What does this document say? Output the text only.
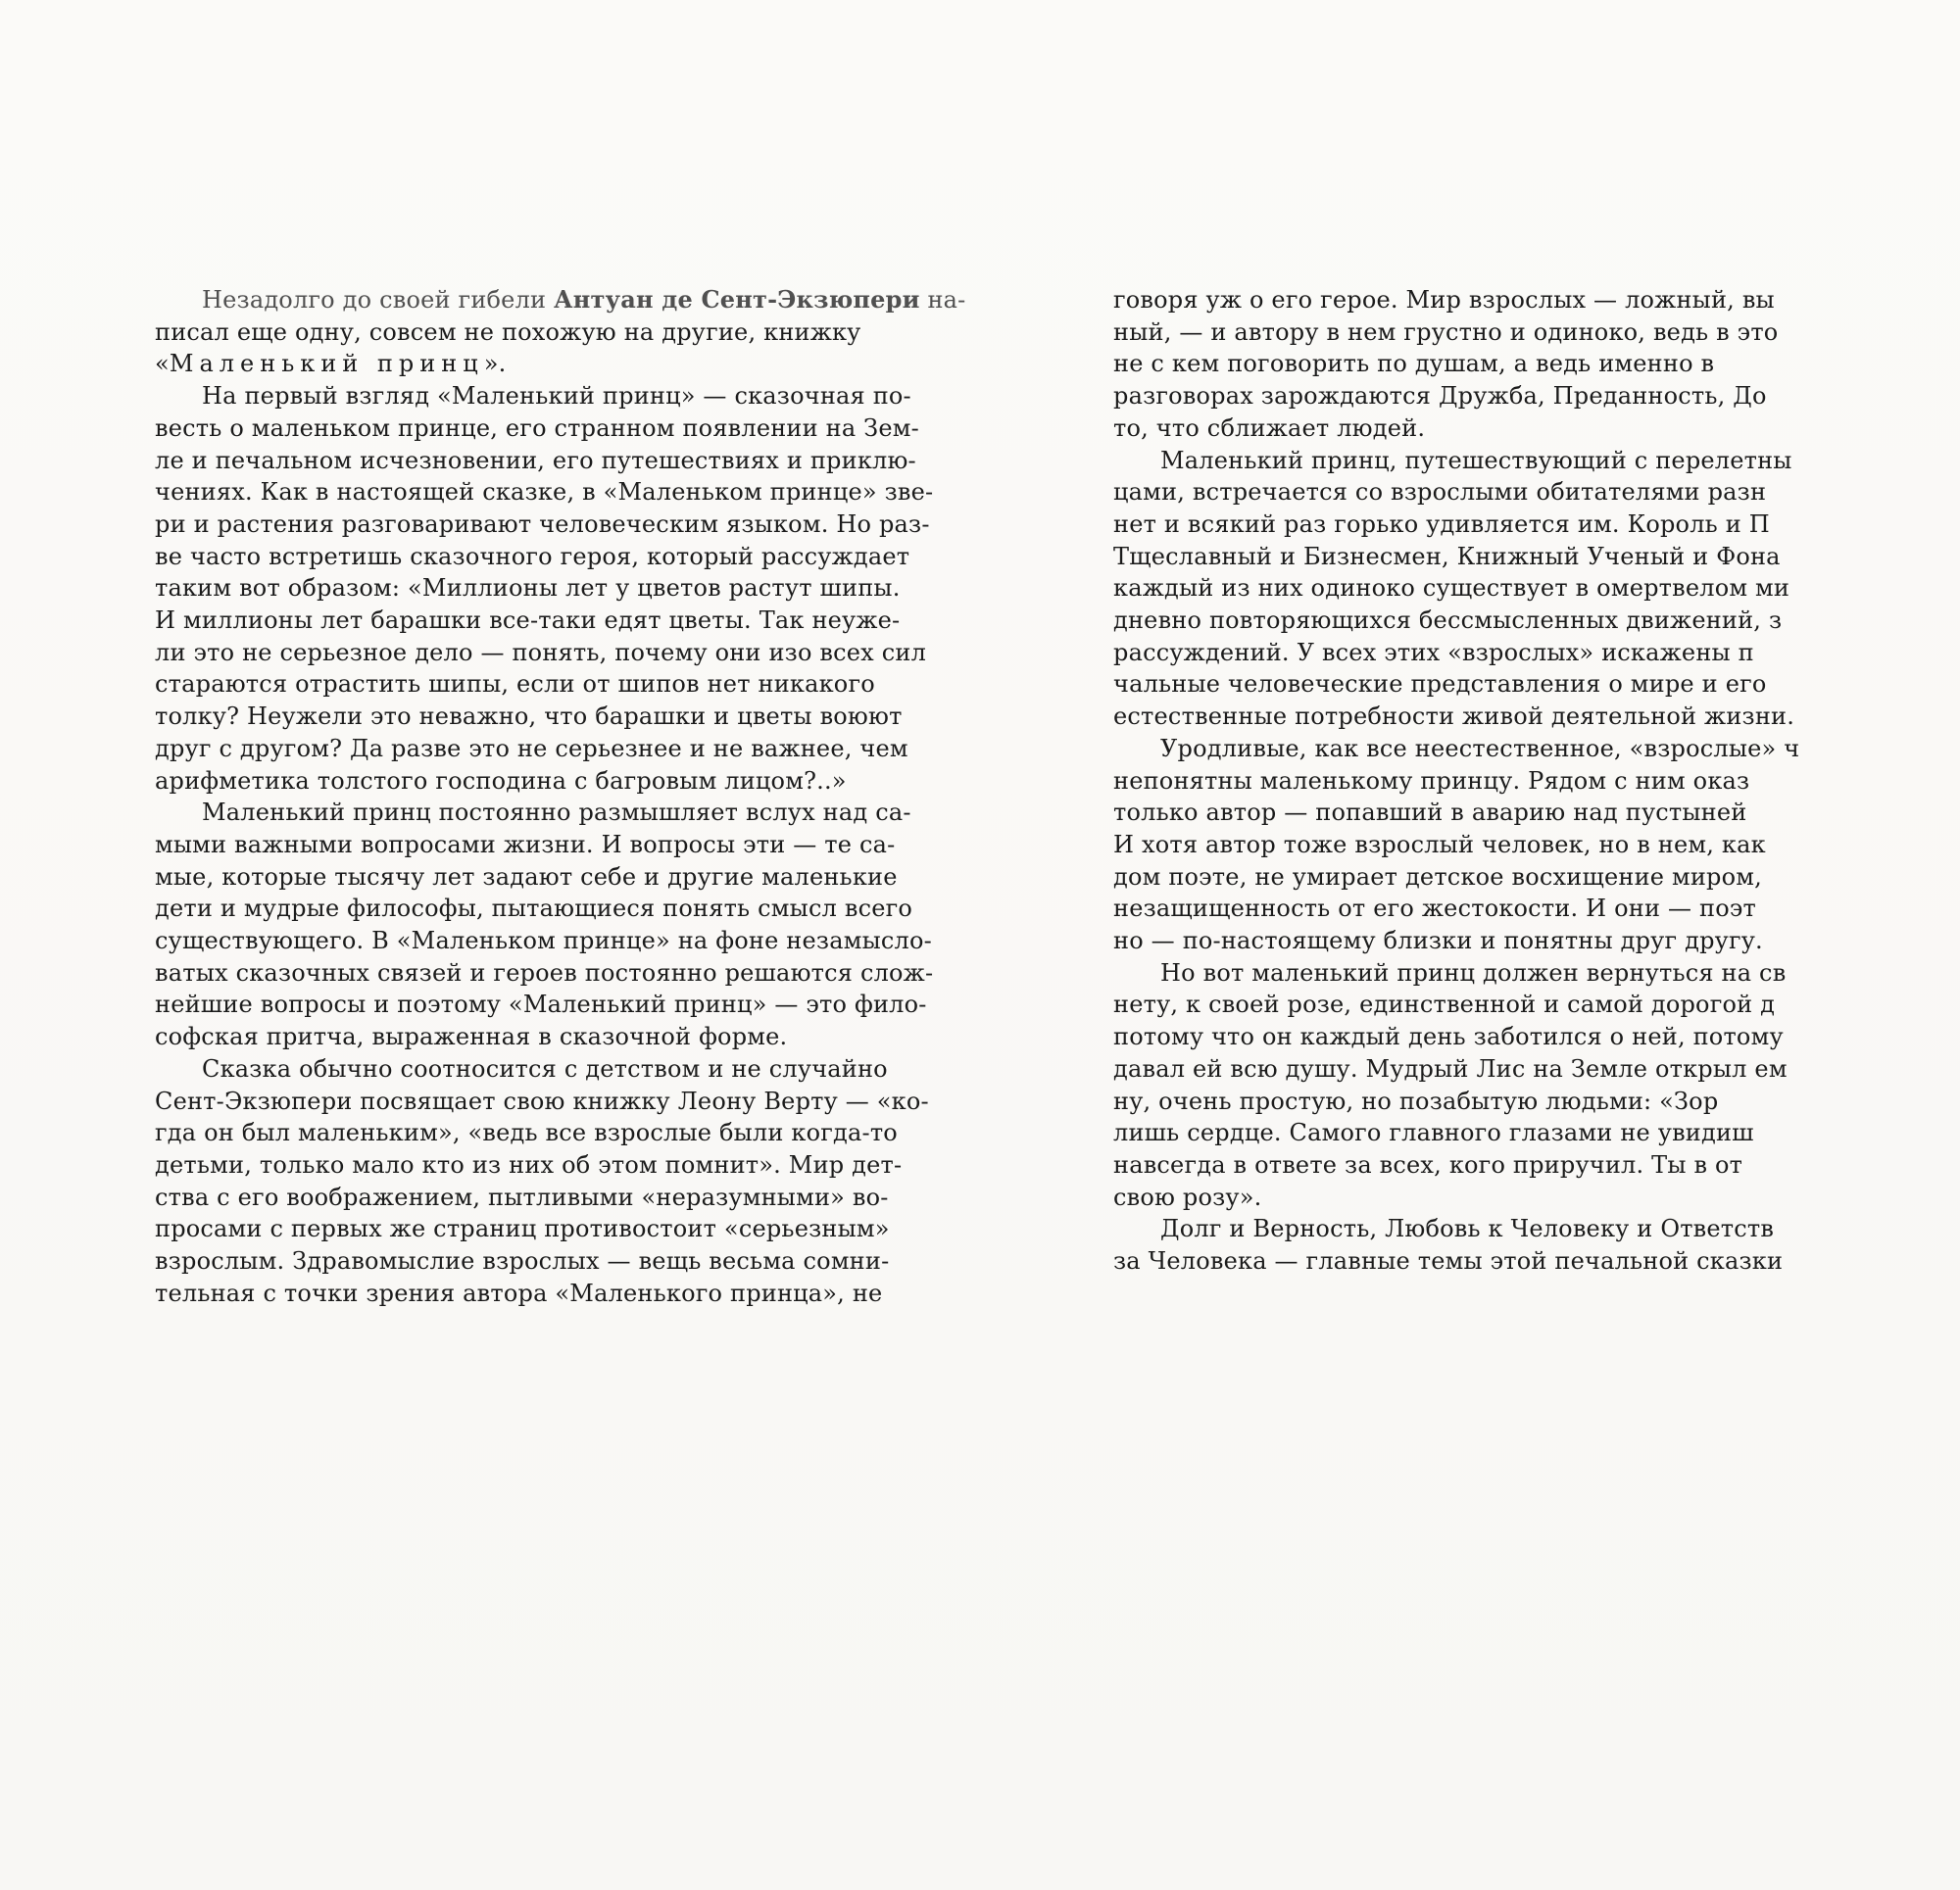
Незадолго до своей гибели Антуан де Сент-Экзюпери на-
писал еще одну, совсем не похожую на другие, книжку
«Маленький принц».
На первый взгляд «Маленький принц» — сказочная по-
весть о маленьком принце, его странном появлении на Зем-
ле и печальном исчезновении, его путешествиях и приклю-
чениях. Как в настоящей сказке, в «Маленьком принце» зве-
ри и растения разговаривают человеческим языком. Но раз-
ве часто встретишь сказочного героя, который рассуждает
таким вот образом: «Миллионы лет у цветов растут шипы.
И миллионы лет барашки все-таки едят цветы. Так неуже-
ли это не серьезное дело — понять, почему они изо всех сил
стараются отрастить шипы, если от шипов нет никакого
толку? Неужели это неважно, что барашки и цветы воюют
друг с другом? Да разве это не серьезнее и не важнее, чем
арифметика толстого господина с багровым лицом?..»
Маленький принц постоянно размышляет вслух над са-
мыми важными вопросами жизни. И вопросы эти — те са-
мые, которые тысячу лет задают себе и другие маленькие
дети и мудрые философы, пытающиеся понять смысл всего
существующего. В «Маленьком принце» на фоне незамысло-
ватых сказочных связей и героев постоянно решаются слож-
нейшие вопросы и поэтому «Маленький принц» — это фило-
софская притча, выраженная в сказочной форме.
Сказка обычно соотносится с детством и не случайно
Сент-Экзюпери посвящает свою книжку Леону Верту — «ко-
гда он был маленьким», «ведь все взрослые были когда-то
детьми, только мало кто из них об этом помнит». Мир дет-
ства с его воображением, пытливыми «неразумными» во-
просами с первых же страниц противостоит «серьезным»
взрослым. Здравомыслие взрослых — вещь весьма сомни-
тельная с точки зрения автора «Маленького принца», не
говоря уж о его герое. Мир взрослых — ложный, вы
ный, — и автору в нем грустно и одиноко, ведь в это
не с кем поговорить по душам, а ведь именно в
разговорах зарождаются Дружба, Преданность, До
то, что сближает людей.
Маленький принц, путешествующий с перелетны
цами, встречается со взрослыми обитателями разн
нет и всякий раз горько удивляется им. Король и П
Тщеславный и Бизнесмен, Книжный Ученый и Фона
каждый из них одиноко существует в омертвелом ми
дневно повторяющихся бессмысленных движений, з
рассуждений. У всех этих «взрослых» искажены п
чальные человеческие представления о мире и его
естественные потребности живой деятельной жизни.
Уродливые, как все неестественное, «взрослые» ч
непонятны маленькому принцу. Рядом с ним оказ
только автор — попавший в аварию над пустыней
И хотя автор тоже взрослый человек, но в нем, как
дом поэте, не умирает детское восхищение миром,
незащищенность от его жестокости. И они — поэт
но — по-настоящему близки и понятны друг другу.
Но вот маленький принц должен вернуться на св
нету, к своей розе, единственной и самой дорогой д
потому что он каждый день заботился о ней, потому
давал ей всю душу. Мудрый Лис на Земле открыл ем
ну, очень простую, но позабытую людьми: «Зор
лишь сердце. Самого главного глазами не увидиш
навсегда в ответе за всех, кого приручил. Ты в от
свою розу».
Долг и Верность, Любовь к Человеку и Ответств
за Человека — главные темы этой печальной сказки
